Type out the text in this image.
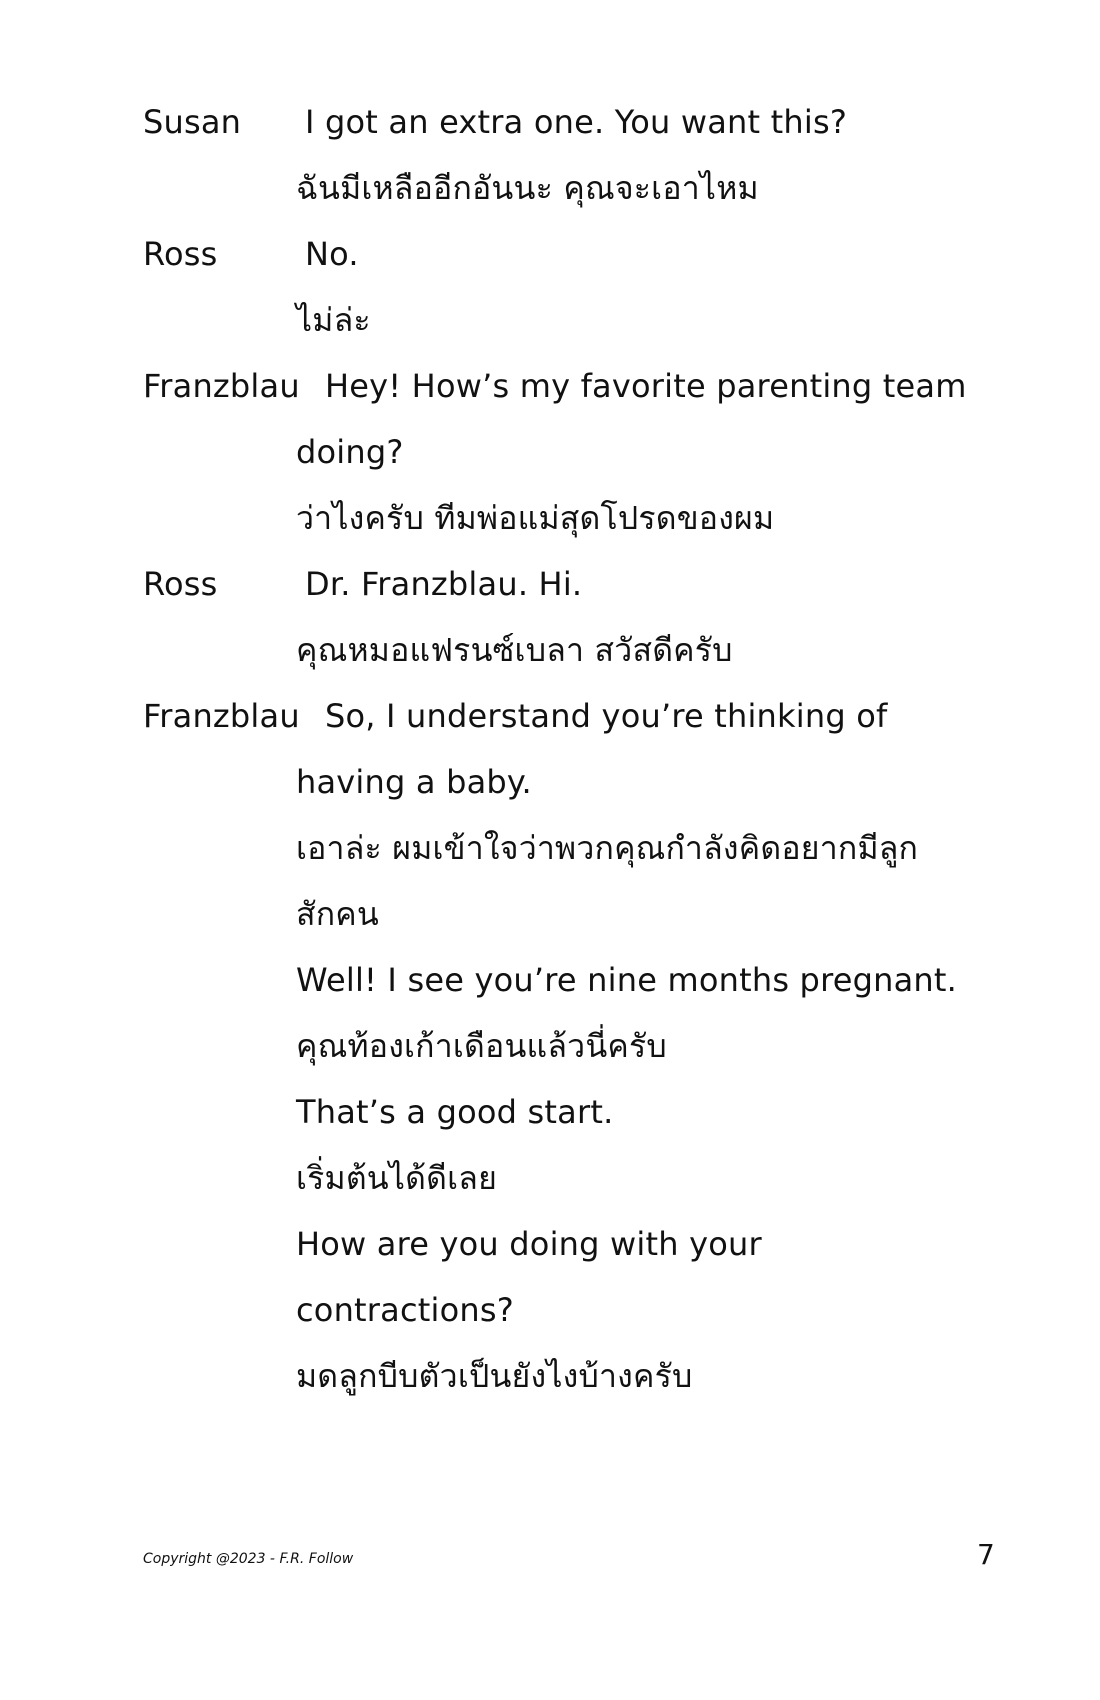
Susan I got an extra one. You want this?
ฉันมีเหลืออีกอันนะ คุณจะเอาไหม
Ross	No.
ไม่ล่ะ
Franzblau Hey! How’s my favorite parenting team
doing?
ว่าไงครับ ทีมพ่อแม่สุดโปรดของผม
Ross	Dr. Franzblau. Hi.
คุณหมอแฟรนซ์เบลา สวัสดีครับ
Franzblau So, I understand you’re thinking of
having a baby.
เอาล่ะ ผมเข้าใจว่าพวกคุณกำลังคิดอยากมีลูก
สักคน
Well! I see you’re nine months pregnant.
คุณท้องเก้าเดือนแล้วนี่ครับ
That’s a good start.
เริ่มต้นได้ดีเลย
How are you doing with your
contractions?
มดลูกบีบตัวเป็นยังไงบ้างครับ
Copyright @2023 - F.R. Follow	7
